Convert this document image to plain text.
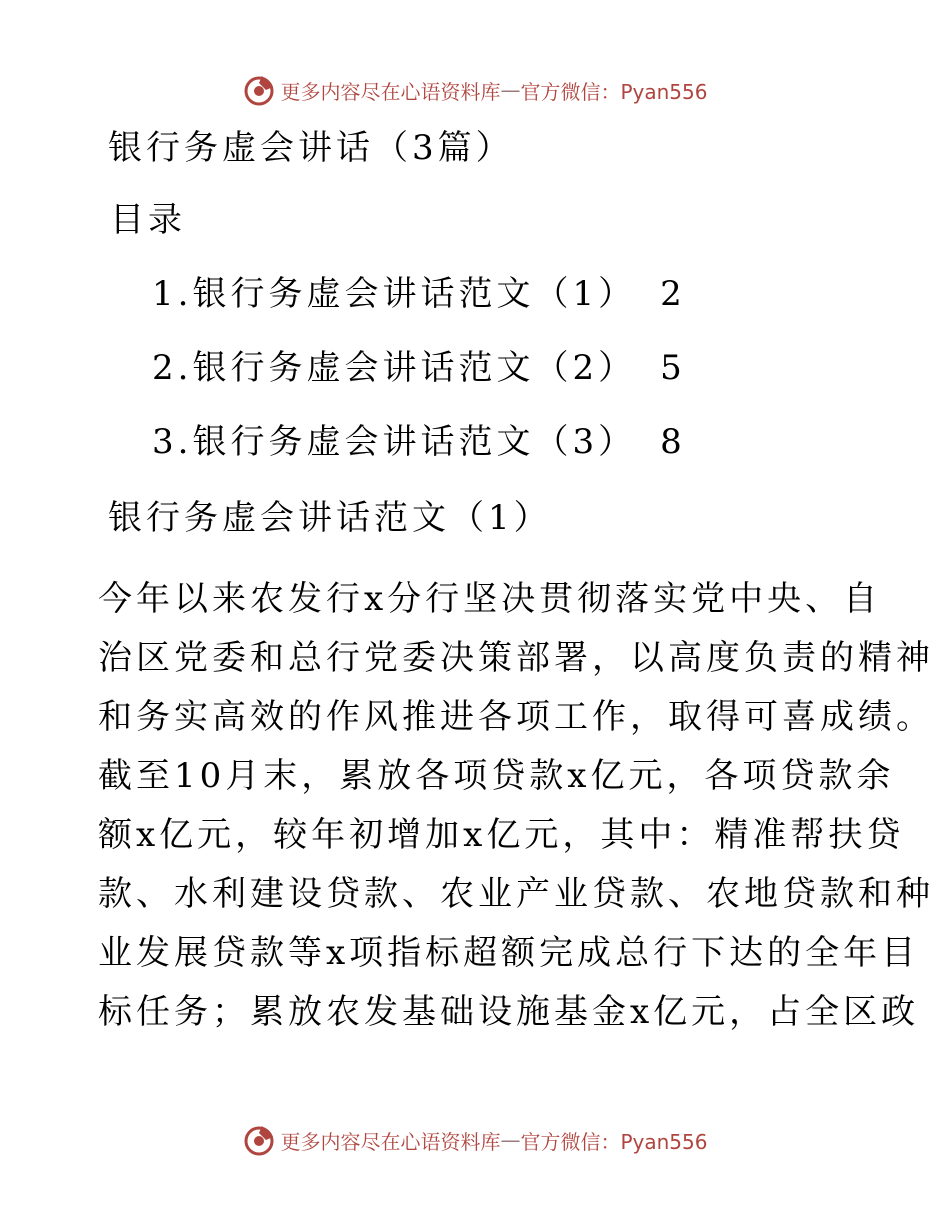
更多内容尽在心语资料库 — 官方微信：Pyan556
银行务虚会讲话（3篇）
目录
1.银行务虚会讲话范文（1） 2
2.银行务虚会讲话范文（2） 5
3.银行务虚会讲话范文（3） 8
银行务虚会讲话范文（1）
今年以来农发行x分行坚决贯彻落实党中央、自
治区党委和总行党委决策部署，以高度负责的精神
和务实高效的作风推进各项工作，取得可喜成绩。
截至10月末，累放各项贷款x亿元，各项贷款余
额x亿元，较年初增加x亿元，其中：精准帮扶贷
款、水利建设贷款、农业产业贷款、农地贷款和种
业发展贷款等x项指标超额完成总行下达的全年目
标任务；累放农发基础设施基金x亿元，占全区政
更多内容尽在心语资料库 — 官方微信：Pyan556
